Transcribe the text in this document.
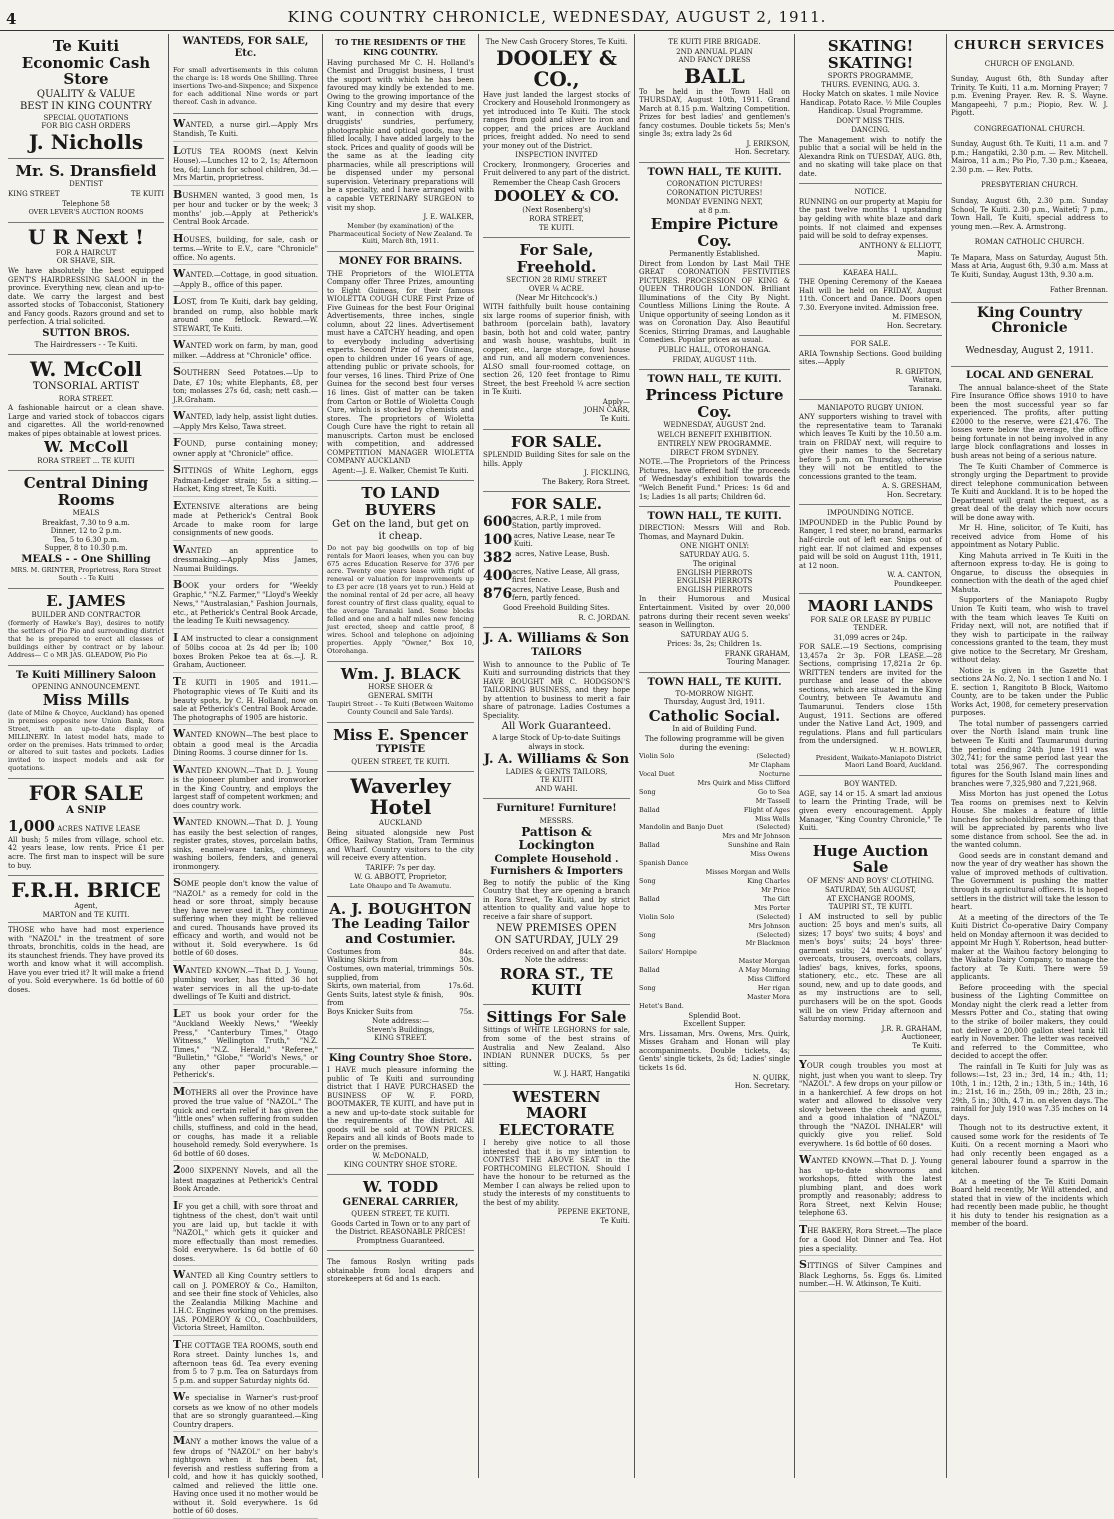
4	KING COUNTRY CHRONICLE, WEDNESDAY, AUGUST 2, 1911.

Te Kuiti
Economic Cash Store

QUALITY & VALUE
BEST IN KING COUNTRY

SPECIAL QUOTATIONS
FOR BIG CASH ORDERS

J. Nicholls

Mr. S. Dransfield

DENTIST

KING STREET	TE KUITI

Telephone 58

OVER LEVER'S AUCTION ROOMS

U R Next !

FOR A HAIRCUT
OR SHAVE, SIR.

We have absolutely the best equipped GENT'S HAIRDRESSING SALOON in the province. Everything new, clean and up-to-date. We carry the largest and best assorted stocks of Tobacconist, Stationery and Fancy goods. Razors ground and set to perfection. A trial solicited.

SUTTON BROS.

The Hairdressers - - Te Kuiti.

W. McColl

TONSORIAL ARTIST

RORA STREET.

A fashionable haircut or a clean shave. Large and varied stock of tobaccos cigars and cigarettes. All the world-renowned makes of pipes obtainable at lowest prices.

W. McColl

RORA STREET ... TE KUITI

Central Dining Rooms

MEALS

Breakfast, 7.30 to 9 a.m.
Dinner, 12 to 2 p.m.
Tea, 5 to 6.30 p.m.
Supper, 8 to 10.30 p.m.

MEALS - - One Shilling

MRS. M. GRINTER, Proprietress, Rora Street South - - Te Kuiti

E. JAMES

BUILDER AND CONTRACTOR

(formerly of Hawke's Bay), desires to notify the settlers of Pio Pio and surrounding district that he is prepared to erect all classes of buildings either by contract or by labour. Address— C o MR JAS. GLEADOW, Pio Pio

Te Kuiti Millinery Saloon

OPENING ANNOUNCEMENT.

Miss Mills

(late of Milne & Choyce, Auckland) has opened in premises opposite new Union Bank, Rora Street, with an up-to-date display of MILLINERY. In latest model hats, made to order on the premises. Hats trimmed to order, or altered to suit tastes and pockets. Ladies invited to inspect models and ask for quotations.

FOR SALE

A SNIP

1,000 ACRES NATIVE LEASE

All bush; 5 miles from village, school etc. 42 years lease, low rents. Price £1 per acre. The first man to inspect will be sure to buy.

F.R.H. BRICE

Agent,
MARTON and TE KUITI.

THOSE who have had most experience with "NAZOL" in the treatment of sore throats, bronchitis, colds in the head, are its staunchest friends. They have proved its worth and know what it will accomplish. Have you ever tried it? It will make a friend of you. Sold everywhere. 1s 6d bottle of 60 doses.

WANTEDS, FOR SALE, Etc.

For small advertisements in this column the charge is: 18 words One Shilling. Three insertions Two-and-Sixpence; and Sixpence for each additional Nine words or part thereof. Cash in advance.

WANTED, a nurse girl.—Apply Mrs Standish, Te Kuiti.

LOTUS TEA ROOMS (next Kelvin House).—Lunches 12 to 2, 1s; Afternoon tea, 6d; Lunch for school children, 3d.—Mrs Martin, proprietress.

BUSHMEN wanted, 3 good men, 1s per hour and tucker or by the week; 3 months' job.—Apply at Petherick's Central Book Arcade.

HOUSES, building, for sale, cash or terms.—Write to E.V., care "Chronicle" office. No agents.

WANTED.—Cottage, in good situation.—Apply B., office of this paper.

LOST, from Te Kuiti, dark bay gelding, branded on rump, also hobble mark around one fetlock. Reward.—W. STEWART, Te Kuiti.

WANTED work on farm, by man, good milker. —Address at "Chronicle" office.

SOUTHERN Seed Potatoes.—Up to Date, £7 10s; white Elephants, £8, per ton; molasses 27s 6d, cash; nett cash.—J.R.Graham.

WANTED, lady help, assist light duties.—Apply Mrs Kelso, Tawa street.

FOUND, purse containing money; owner apply at "Chronicle" office.

SITTINGS of White Leghorn, eggs Padman-Ledger strain; 5s a sitting.—Hacket, King street, Te Kuiti.

EXTENSIVE alterations are being made at Petherick's Central Book Arcade to make room for large consignments of new goods.

WANTED an apprentice to dressmaking.—Apply Miss James, Naumai Buildings.

BOOK your orders for "Weekly Graphic," "N.Z. Farmer," "Lloyd's Weekly News," "Australasian," Fashion Journals, etc., at Petherick's Central Book Arcade, the leading Te Kuiti newsagency.

I AM instructed to clear a consignment of 50lbs cocoa at 2s 4d per lb; 100 boxes Broken Pekoe tea at 6s.—J. R. Graham, Auctioneer.

TE KUITI in 1905 and 1911.—Photographic views of Te Kuiti and its beauty spots, by C. H. Holland, now on sale at Petherick's Central Book Arcade. The photographs of 1905 are historic.

WANTED KNOWN—The best place to obtain a good meal is the Arcadia Dining Rooms. 3 course dinner for 1s.

WANTED KNOWN.—That D. J. Young is the pioneer plumber and ironworker in the King Country, and employs the largest staff of competent workmen; and does country work.

WANTED KNOWN.—That D. J. Young has easily the best selection of ranges, register grates, stoves, porcelain baths, sinks, enamel-ware tanks, chimneys, washing boilers, fenders, and general ironmongery.

SOME people don't know the value of "NAZOL" as a remedy for cold in the head or sore throat, simply because they have never used it. They continue suffering when they might be relieved and cured. Thousands have proved its efficacy and worth, and would not be without it. Sold everywhere. 1s 6d bottle of 60 doses.

WANTED KNOWN.—That D. J. Young, plumbing worker, has fitted 36 hot water services in all the up-to-date dwellings of Te Kuiti and district.

LET us book your order for the "Auckland Weekly News," "Weekly Press," "Canterbury Times," Otago Witness," Wellington Truth," "N.Z. Times," "N.Z. Herald," "Referee," "Bulletin," "Globe," "World's News," or any other paper procurable.—Petherick's.

MOTHERS all over the Province have proved the true value of "NAZOL." The quick and certain relief it has given the "little ones" when suffering from sudden chills, stuffiness, and cold in the head, or coughs, has made it a reliable household remedy. Sold everywhere. 1s 6d bottle of 60 doses.

2000 SIXPENNY Novels, and all the latest magazines at Petherick's Central Book Arcade.

IF you get a chill, with sore throat and tightness of the chest, don't wait until you are laid up, but tackle it with "NAZOL," which gets it quicker and more effectually than most remedies. Sold everywhere. 1s 6d bottle of 60 doses.

WANTED all King Country settlers to call on J. POMEROY & Co., Hamilton, and see their fine stock of Vehicles, also the Zealandia Milking Machine and I.H.C. Engines working on the premises. JAS. POMEROY & CO., Coachbuilders, Victoria Street, Hamilton.

THE COTTAGE TEA ROOMS, south end Rora street. Dainty lunches 1s, and afternoon teas 6d. Tea every evening from 5 to 7 p.m. Tea on Saturdays from 5 p.m. and supper Saturday nights 6d.

We specialise in Warner's rust-proof corsets as we know of no other models that are so strongly guaranteed.—King Country drapers.

MANY a mother knows the value of a few drops of "NAZOL" on her baby's nightgown when it has been fat, feverish and restless suffering from a cold, and how it has quickly soothed, calmed and relieved the little one. Having once used it no mother would be without it. Sold everywhere. 1s 6d bottle of 60 doses.

TO THE RESIDENTS OF THE KING COUNTRY.

Having purchased Mr C. H. Holland's Chemist and Druggist business, I trust the support with which he has been favoured may kindly be extended to me. Owing to the growing importance of the King Country and my desire that every want, in connection with drugs, druggists' sundries, perfumery, photographic and optical goods, may be filled locally, I have added largely to the stock. Prices and quality of goods will be the same as at the leading city pharmacies, while all prescriptions will be dispensed under my personal supervision. Veterinary preparations will be a specialty, and I have arranged with a capable VETERINARY SURGEON to visit my shop.

J. E. WALKER,

Member (by examination) of the Pharmaceutical Society of New Zealand. Te Kuiti, March 8th, 1911.

MONEY FOR BRAINS.

THE Proprietors of the WIOLETTA Company offer Three Prizes, amounting to Eight Guineas, for their famous WIOLETTA COUGH CURE First Prize of Five Guineas for the best Four Original Advertisements, three inches, single column, about 22 lines. Advertisement must have a CATCHY heading, and open to everybody including advertising experts. Second Prize of Two Guineas, open to children under 16 years of age, attending public or private schools, for four verses, 16 lines. Third Prize of One Guinea for the second best four verses 16 lines. Gist of matter can be taken from Carton or Bottle of Wioletta Cough Cure, which is stocked by chemists and stores. The proprietors of Wioletta Cough Cure have the right to retain all manuscripts. Carton must be enclosed with competition, and addressed COMPETITION MANAGER WIOLETTA COMPANY AUCKLAND

Agent:—J. E. Walker, Chemist Te Kuiti.

TO LAND BUYERS

Get on the land, but get on it cheap.

Do not pay big goodwills on top of big rentals for Maori leases, when you can buy 675 acres Education Reserve for 37/6 per acre. Twenty one years lease with right of renewal or valuation for improvements up to £3 per acre (18 years yet to run.) Held at the nominal rental of 2d per acre, all heavy forest country of first class quality, equal to the average Taranaki land. Some blocks felled and one and a half miles new fencing just erected, sheep and cattle proof, 8 wires. School and telephone on adjoining properties. Apply "Owner," Box 10, Otorohanga.

Wm. J. BLACK

HORSE SHOER &
GENERAL SMITH

Taupiri Street - - Te Kuiti (Between Waitomo County Council and Sale Yards).

Miss E. Spencer

TYPISTE

QUEEN STREET, TE KUITI.

Waverley Hotel

AUCKLAND

Being situated alongside new Post Office, Railway Station, Tram Terminus and Wharf. Country visitors to the city will receive every attention.

TARIFF: 7s per day.

W. G. ABBOTT, Proprietor,

Late Ohaupo and Te Awamutu.

A. J. BOUGHTON

The Leading Tailor
and Costumier.

Costumes from	84s.
Walking Skirts from	30s.
Costumes, own material, trimmings supplied, from
50s.
Skirts, own material, from	17s.6d.
Gents Suits, latest style & finish, from
90s.
Boys Knicker Suits from	75s.

Note address:—
Steven's Buildings,
KING STREET.

King Country Shoe Store.

I HAVE much pleasure informing the public of Te Kuiti and surrounding district that I HAVE PURCHASED the BUSINESS OF W. F. FORD, BOOTMAKER, TE KUITI, and have put in a new and up-to-date stock suitable for the requirements of the district. All goods will be sold at TOWN PRICES. Repairs and all kinds of Boots made to order on the premises.

W. McDONALD,
KING COUNTRY SHOE STORE.

W. TODD

GENERAL CARRIER,

QUEEN STREET, TE KUITI.

Goods Carted in Town or to any part of the District. REASONABLE PRICES! Promptness Guaranteed.

The famous Roslyn writing pads obtainable from local drapers and storekeepers at 6d and 1s each.

The New Cash Grocery Stores, Te Kuiti.

DOOLEY & CO.,

Have just landed the largest stocks of Crockery and Household Ironmongery as yet introduced into Te Kuiti. The stock ranges from gold and silver to iron and copper, and the prices are Auckland prices, freight added. No need to send your money out of the District.

INSPECTION INVITED

Crockery, Ironmongery, Groceries and Fruit delivered to any part of the district.

Remember the Cheap Cash Grocers

DOOLEY & CO.

(Next Rosenberg's)

RORA STREET,
TE KUITI.

For Sale, Freehold.

SECTION 28 RIMU STREET
OVER ¼ ACRE.
(Near Mr Hitchcock's.)

WITH faithfully built house containing six large rooms of superior finish, with bathroom (porcelain bath), lavatory basin, both hot and cold water, pantry and wash house, washtubs, built in copper, etc., large storage, fowl house and run, and all modern conveniences. ALSO small four-roomed cottage, on section 26, 120 feet frontage to Rimu Street, the best Freehold ¼ acre section in Te Kuiti.

Apply—
JOHN CARR,
Te Kuiti.

FOR SALE.

SPLENDID Building Sites for sale on the hills. Apply

J. FICKLING,
The Bakery, Rora Street.

FOR SALE.

600 acres, A.R.P., 1 mile from Station, partly improved.
100 acres, Native Lease, near Te Kuiti.
382 acres, Native Lease, Bush.
400 acres, Native Lease, All grass, first fence.
876 acres, Native Lease, Bush and fern, partly fenced.

Good Freehold Building Sites.

R. C. JORDAN.

J. A. Williams & Son

TAILORS

Wish to announce to the Public of Te Kuiti and surrounding districts that they HAVE BOUGHT MR C. HODGSON'S TAILORING BUSINESS, and they hope by attention to business to merit a fair share of patronage. Ladies Costumes a Speciality.

All Work Guaranteed.

A large Stock of Up-to-date Suitings always in stock.

J. A. Williams & Son

LADIES & GENTS TAILORS,
TE KUITI
AND WAHI.

Furniture! Furniture!

MESSRS.

Pattison & Lockington

Complete Household .
Furnishers & Importers

Beg to notify the public of the King Country that they are opening a branch in Rora Street, Te Kuiti, and by strict attention to quality and value hope to receive a fair share of support.

NEW PREMISES OPEN
ON SATURDAY, JULY 29

Orders received on and after that date. Note the address:

RORA ST., TE KUITI

Sittings For Sale

Sittings of WHITE LEGHORNS for sale, from some of the best strains of Australia and New Zealand. Also INDIAN RUNNER DUCKS, 5s per sitting.

W. J. HART, Hangatiki

WESTERN MAORI
ELECTORATE

I hereby give notice to all those interested that it is my intention to CONTEST THE ABOVE SEAT in the FORTHCOMING ELECTION. Should I have the honour to be returned as the Member I can always be relied upon to study the interests of my constituents to the best of my ability.

PEPENE EKETONE,
Te Kuiti.

TE KUITI FIRE BRIGADE.

2ND ANNUAL PLAIN
AND FANCY DRESS

BALL

To be held in the Town Hall on THURSDAY, August 10th, 1911. Grand March at 8.15 p.m. Waltzing Competition. Prizes for best ladies' and gentlemen's fancy costumes. Double tickets 5s; Men's single 3s; extra lady 2s 6d

J. ERIKSON,
Hon. Secretary.

TOWN HALL, TE KUITI.

CORONATION PICTURES!
CORONATION PICTURES!

MONDAY EVENING NEXT,
at 8 p.m.

Empire Picture Coy.

Permanently Established.

Direct from London by Last Mail THE GREAT CORONATION FESTIVITIES PICTURES. PROCESSION OF KING & QUEEN THROUGH LONDON. Brilliant Illuminations of the City By Night. Countless Millions Lining the Route. A Unique opportunity of seeing London as it was on Coronation Day. Also Beautiful Scenics, Stirring Dramas, and Laughable Comedies. Popular prices as usual.

PUBLIC HALL, OTOROHANGA.

FRIDAY, AUGUST 11th.

TOWN HALL, TE KUITI.

Princess Picture Coy.

WEDNESDAY, AUGUST 2nd.

WELCH BENEFIT EXHIBITION.

ENTIRELY NEW PROGRAMME.
DIRECT FROM SYDNEY.

NOTE.—The Proprietors of the Princess Pictures, have offered half the proceeds of Wednesday's exhibition towards the "Welch Benefit Fund." Prices: 1s 6d and 1s; Ladies 1s all parts; Children 6d.

TOWN HALL, TE KUITI.

DIRECTION: Messrs Will and Rob. Thomas, and Maynard Dukin.

ONE NIGHT ONLY:
SATURDAY AUG. 5.

The original
ENGLISH PIERROTS
ENGLISH PIERROTS
ENGLISH PIERROTS

In their Humorous and Musical Entertainment. Visited by over 20,000 patrons during their recent seven weeks' season in Wellington.

SATURDAY AUG 5.

Prices: 3s, 2s; Children 1s.

FRANK GRAHAM,
Touring Manager.

TOWN HALL, TE KUITI.

TO-MORROW NIGHT.
Thursday, August 3rd, 1911.

Catholic Social.

In aid of Building Fund.

The following programme will be given during the evening:

Violin Solo	(Selected)
Mr Clapham
Vocal Duet	Nocturne
Mrs Quirk and Miss Clifford
Song	Go to Sea
Mr Tassell
Ballad	Flight of Ages
Miss Wells
Mandolin and Banjo Duet	(Selected)
Mrs and Mr Johnson
Ballad	Sunshine and Rain
Miss Owens
Spanish Dance
Misses Morgan and Wells
Song	King Charles
Mr Price
Ballad	The Gift
Mrs Porter
Violin Solo	(Selected)
Mrs Johnson
Song	(Selected)
Mr Blackmon
Sailors' Hornpipe
Master Morgan
Ballad	A May Morning
Miss Clifford
Song	Her rigan
Master Mora
Hetet's Band.

Splendid Boot.
Excellent Supper.

Mrs. Lissaman, Mrs. Owens, Mrs. Quirk, Misses Graham and Honan will play accompaniments. Double tickets, 4s; Gents' single tickets, 2s 6d; Ladies' single tickets 1s 6d.

N. QUIRK,
Hon. Secretary.

SKATING!
SKATING!

SPORTS PROGRAMME,
THURS. EVENING, AUG. 3.

Hocky Match on skates. 1 mile Novice Handicap. Potato Race. ½ Mile Couples Handicap. Usual Programme.

DON'T MISS THIS.

DANCING.

The Management wish to notify the public that a social will be held in the Alexandra Rink on TUESDAY, AUG. 8th, and no skating will take place on that date.

NOTICE.

RUNNING on our property at Mapiu for the past twelve months 1 upstanding bay gelding with white blaze and dark points. If not claimed and expenses paid will be sold to defray expenses.

ANTHONY & ELLIOTT,
Mapiu.

KAEAEA HALL.

THE Opening Ceremony of the Kaeaea Hall will be held on FRIDAY, August 11th. Concert and Dance. Doors open 7.30. Everyone invited. Admission free.

M. FIMESON,
Hon. Secretary.

FOR SALE.

ARIA Township Sections. Good building sites.—Apply

R. GRIFTON,
Waitara,
Taranaki.

MANIAPOTO RUGBY UNION.

ANY supporters wishing to travel with the representative team to Taranaki which leaves Te Kuiti by the 10.50 a.m. train on FRIDAY next, will require to give their names to the Secretary before 5 p.m. on Thursday, otherwise they will not be entitled to the concessions granted to the team.

A. S. GRESHAM,
Hon. Secretary.

IMPOUNDING NOTICE.

IMPOUNDED in the Public Pound by Ranger, 1 red steer, no brand, earmarks half-circle out of left ear. Snips out of right ear. If not claimed and expenses paid will be sold on August 11th, 1911, at 12 noon.

W. A. CANTON,
Poundkeeper.

MAORI LANDS

FOR SALE OR LEASE BY PUBLIC TENDER.

31,099 acres or 24p.

FOR SALE.—19 Sections, comprising 13,457a 2r 3p. FOR LEASE.—28 Sections, comprising 17,821a 2r 6p. WRITTEN tenders are invited for the purchase and lease of the above sections, which are situated in the King Country, between Te Awamutu and Taumarunui. Tenders close 15th August, 1911. Sections are offered under the Native Land Act, 1909, and regulations. Plans and full particulars from the undersigned.

W. H. BOWLER,
President, Waikato-Maniapoto District Maori Land Board, Auckland.

BOY WANTED.

AGE, say 14 or 15. A smart lad anxious to learn the Printing Trade, will be given every encouragement. Apply Manager, "King Country Chronicle," Te Kuiti.

Huge Auction Sale

OF MENS' AND BOYS' CLOTHING.

SATURDAY, 5th AUGUST,
AT EXCHANGE ROOMS,
TAUPIRI ST., TE KUITI.

I AM instructed to sell by public auction: 25 boys and men's suits, all sizes; 17 boys' two suits; 4 boys' and men's boys' suits; 24 boys' three-garment suits; 24 men's and boys' overcoats, trousers, overcoats, collars, ladies' bags, knives, forks, spoons, stationery, etc., etc. These are all sound, new, and up to date goods, and as my instructions are to sell, purchasers will be on the spot. Goods will be on view Friday afternoon and Saturday morning.

J.R. R. GRAHAM,
Auctioneer,
Te Kuiti.

YOUR cough troubles you most at night, just when you want to sleep. Try "NAZOL". A few drops on your pillow or in a hankerchief. A few drops on hot water and allowed to dissolve very slowly between the cheek and gums, and a good inhalation of "NAZOL" through the "NAZOL INHALER" will quickly give you relief. Sold everywhere. 1s 6d bottle of 60 doses.

WANTED KNOWN.—That D. J. Young has up-to-date showrooms and workshops, fitted with the latest plumbing plant, and does work promptly and reasonably; address to Rora Street, next Kelvin House; telephone 63.

THE BAKERY, Rora Street.—The place for a Good Hot Dinner and Tea. Hot pies a speciality.

SITTINGS of Silver Campines and Black Leghorns, 5s. Eggs 6s. Limited number.—H. W. Atkinson, Te Kuiti.

CHURCH SERVICES

CHURCH OF ENGLAND.

Sunday, August 6th, 8th Sunday after Trinity. Te Kuiti, 11 a.m. Morning Prayer; 7 p.m. Evening Prayer. Rev. R. S. Wayne. Mangapeehi, 7 p.m.; Piopio, Rev. W. J. Pigott.

CONGREGATIONAL CHURCH.

Sunday, August 6th. Te Kuiti, 11 a.m. and 7 p.m.; Hangatiki, 2.30 p.m. — Rev. Mitchell. Mairoa, 11 a.m.; Pio Pio, 7.30 p.m.; Kaeaea, 2.30 p.m. — Rev. Potts.

PRESBYTERIAN CHURCH.

Sunday, August 6th, 2.30 p.m. Sunday School, Te Kuiti. 2.30 p.m., Waitetī; 7 p.m., Town Hall, Te Kuiti, special address to young men.—Rev. A. Armstrong.

ROMAN CATHOLIC CHURCH.

Te Mapara, Mass on Saturday, August 5th. Mass at Aria, August 6th, 9.30 a.m. Mass at Te Kuiti, Sunday, August 13th, 9.30 a.m.

Father Brennan.

King Country Chronicle

Wednesday, August 2, 1911.

LOCAL AND GENERAL

The annual balance-sheet of the State Fire Insurance Office shows 1910 to have been the most successful year so far experienced. The profits, after putting £2000 to the reserve, were £21,476. The losses were below the average, the office being fortunate in not being involved in any large block conflagrations and losses in bush areas not being of a serious nature.

The Te Kuiti Chamber of Commerce is strongly urging the Department to provide direct telephone communication between Te Kuiti and Auckland. It is to be hoped the Department will grant the request, as a great deal of the delay which now occurs will be done away with.

Mr H. Hine, solicitor, of Te Kuiti, has received advice from Home of his appointment as Notary Public.

King Mahuta arrived in Te Kuiti in the afternoon express to-day. He is going to Ongarue, to discuss the obsequies in connection with the death of the aged chief Mahuta.

Supporters of the Maniapoto Rugby Union Te Kuiti team, who wish to travel with the team which leaves Te Kuiti on Friday next, will not, are notified that if they wish to participate in the railway concessions granted to the team, they must give notice to the Secretary, Mr Gresham, without delay.

Notice is given in the Gazette that sections 2A No. 2, No. 1 section 1 and No. 1 E. section 1, Rangitoto B Block, Waitomo County, are to be taken under the Public Works Act, 1908, for cemetery preservation purposes.

The total number of passengers carried over the North Island main trunk line between Te Kuiti and Taumarunui during the period ending 24th June 1911 was 302,741; for the same period last year the total was 256,967. The corresponding figures for the South Island main lines and branches were 7,325,980 and 7,221,968.

Miss Morton has just opened the Lotus Tea rooms on premises next to Kelvin House. She makes a feature of little lunches for schoolchildren, something that will be appreciated by parents who live some distance from school. See the ad. in the wanted column.

Good seeds are in constant demand and now the year of dry weather has shown the value of improved methods of cultivation. The Government is pushing the matter through its agricultural officers. It is hoped settlers in the district will take the lesson to heart.

At a meeting of the directors of the Te Kuiti District Co-operative Dairy Company held on Monday afternoon it was decided to appoint Mr Hugh Y. Robertson, head butter-maker at the Waihou factory belonging to the Waikato Dairy Company, to manage the factory at Te Kuiti. There were 59 applicants.

Before proceeding with the special business of the Lighting Committee on Monday night the clerk read a letter from Messrs Potter and Co., stating that owing to the strike of boiler makers, they could not deliver a 20,000 gallon steel tank till early in November. The letter was received and referred to the Committee, who decided to accept the offer.

The rainfall in Te Kuiti for July was as follows:—1st, 23 in.; 3rd, 14 in.; 4th, 11; 10th, 1 in.; 12th, 2 in.; 13th, 5 in.; 14th, 16 in.; 21st, 16 in.; 25th, 09 in.; 28th, 23 in.; 29th, 5 in.; 30th, 4.7 in. on eleven days. The rainfall for July 1910 was 7.35 inches on 14 days.

Though not to its destructive extent, it caused some work for the residents of Te Kuiti. On a recent morning a Maori who had only recently been engaged as a general labourer found a sparrow in the kitchen.

At a meeting of the Te Kuiti Domain Board held recently, Mr Will attended, and stated that in view of the incidents which had recently been made public, he thought it his duty to tender his resignation as a member of the board.
